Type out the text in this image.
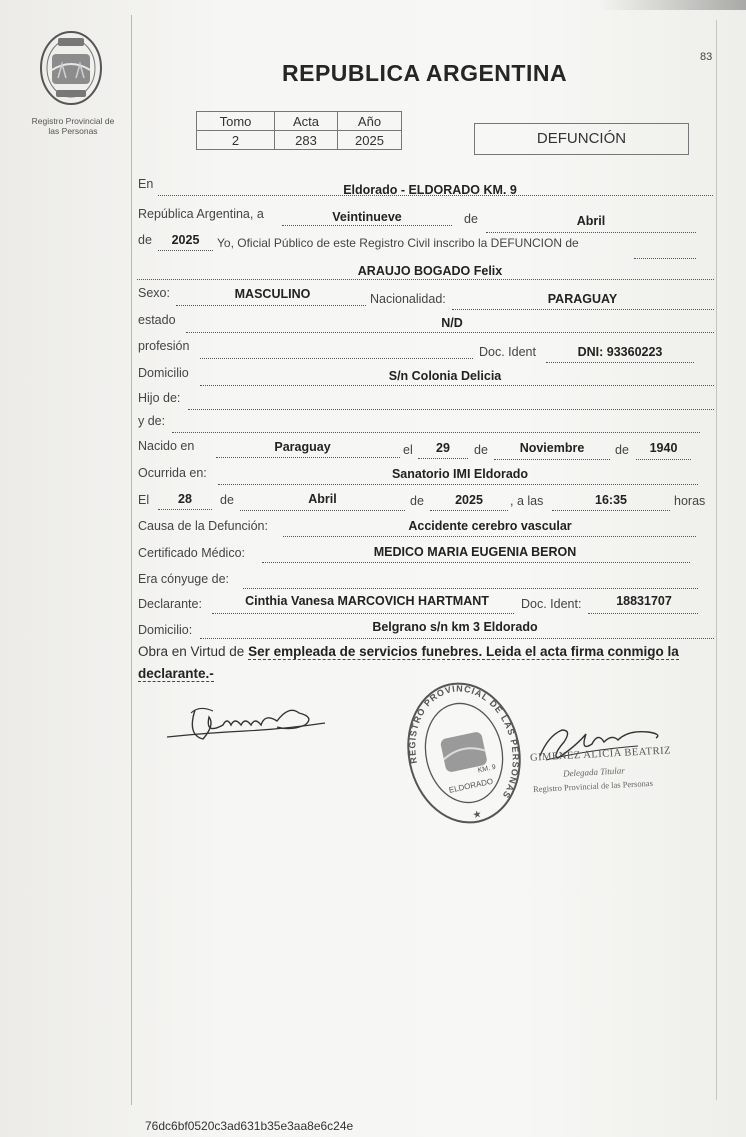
Registro Provincial de
las Personas
83
REPUBLICA ARGENTINA
Tomo	Acta	Año
2	283	2025	DEFUNCIÓN
En	Eldorado - ELDORADO KM. 9
República Argentina, a	Veintinueve	de	Abril
de	2025	Yo, Oficial Público de este Registro Civil inscribo la DEFUNCION de
ARAUJO BOGADO Felix
Sexo:	MASCULINO	Nacionalidad:	PARAGUAY
estado	N/D
profesión	Doc. Ident	DNI: 93360223
Domicilio	S/n Colonia Delicia
Hijo de:
y de:
Nacido en	Paraguay	el	29	de	Noviembre	de	1940
Ocurrida en:	Sanatorio IMI Eldorado
El	28	de	Abril	de	2025	, a las	16:35	horas
Causa de la Defunción:	Accidente cerebro vascular
Certificado Médico:	MEDICO MARIA EUGENIA BERON
Era cónyuge de:
Declarante:	Cinthia Vanesa MARCOVICH HARTMANT	Doc. Ident:	18831707
Domicilio:	Belgrano s/n km 3 Eldorado
Obra en Virtud de Ser empleada de servicios funebres. Leida el acta firma conmigo la
declarante.-
REGISTRO PROVINCIAL DE LAS PERSONAS
ELDORADO
KM. 9
★
GIMENEZ ALICIA BEATRIZ
Delegada Titular
Registro Provincial de las Personas
76dc6bf0520c3ad631b35e3aa8e6c24e
